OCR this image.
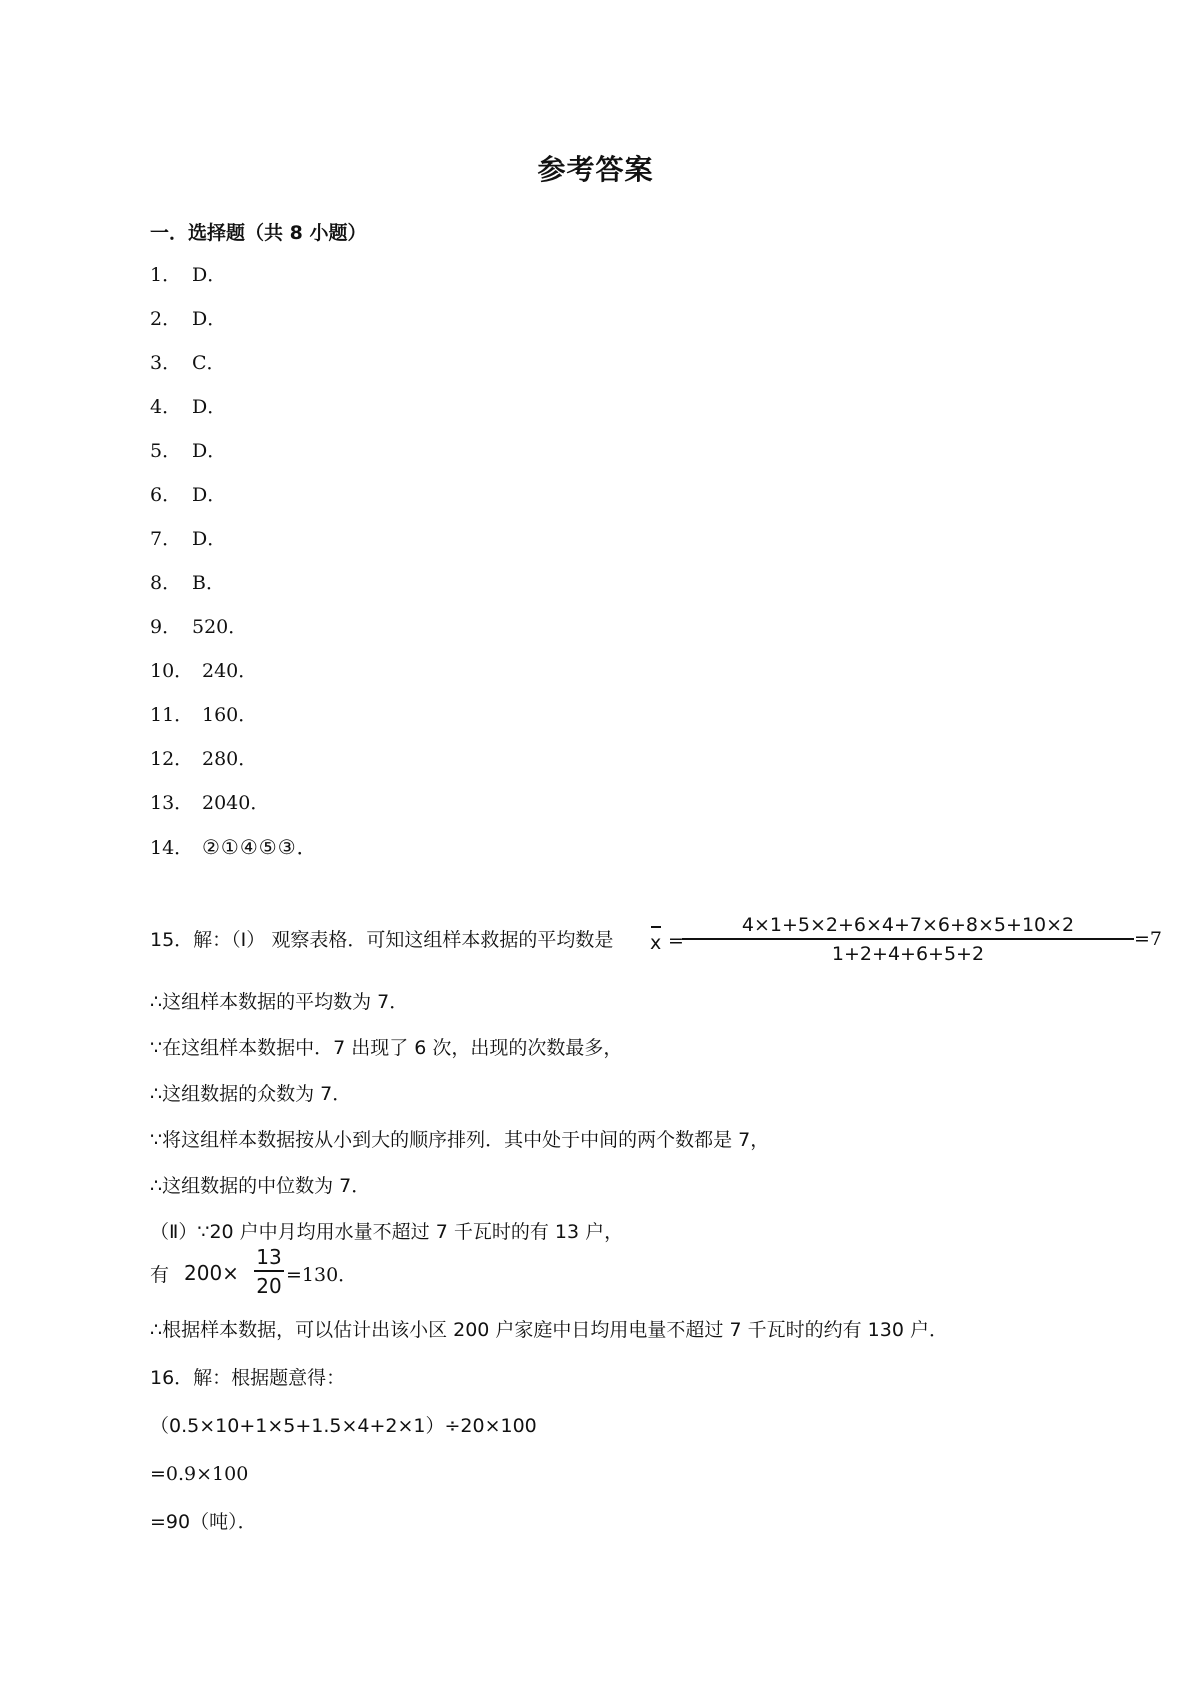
参考答案
一．选择题（共 8 小题）
1． D．
2． D．
3． C．
4． D．
5． D．
6． D．
7． D．
8． B．
9． 520．
10． 240．
11． 160．
12． 280．
13． 2040．
14． ②①④⑤③．
15．解：（I） 观察表格．可知这组样本救据的平均数是 x =
$\frac{4\times 1+5\times 2+6\times 4+7\times 6+8\times 5+10\times 2}{1+2+4+6+5+2} =7$
∴这组样本数据的平均数为 7．
∵在这组样本数据中．7 出现了 6 次，出现的次数最多，
∴这组数据的众数为 7．
∵将这组样本数据按从小到大的顺序排列．其中处于中间的两个数都是 7，
∴这组数据的中位数为 7．
（Ⅱ）∵20 户中月均用水量不超过 7 千瓦时的有 13 户，
有 $200\times \frac{13}{20} =130$．
∴根据样本数据，可以估计出该小区 200 户家庭中日均用电量不超过 7 千瓦时的约有 130 户．
16．解：根据题意得：
（0.5×10+1×5+1.5×4+2×1）÷20×100
=0.9×100
=90（吨）．
